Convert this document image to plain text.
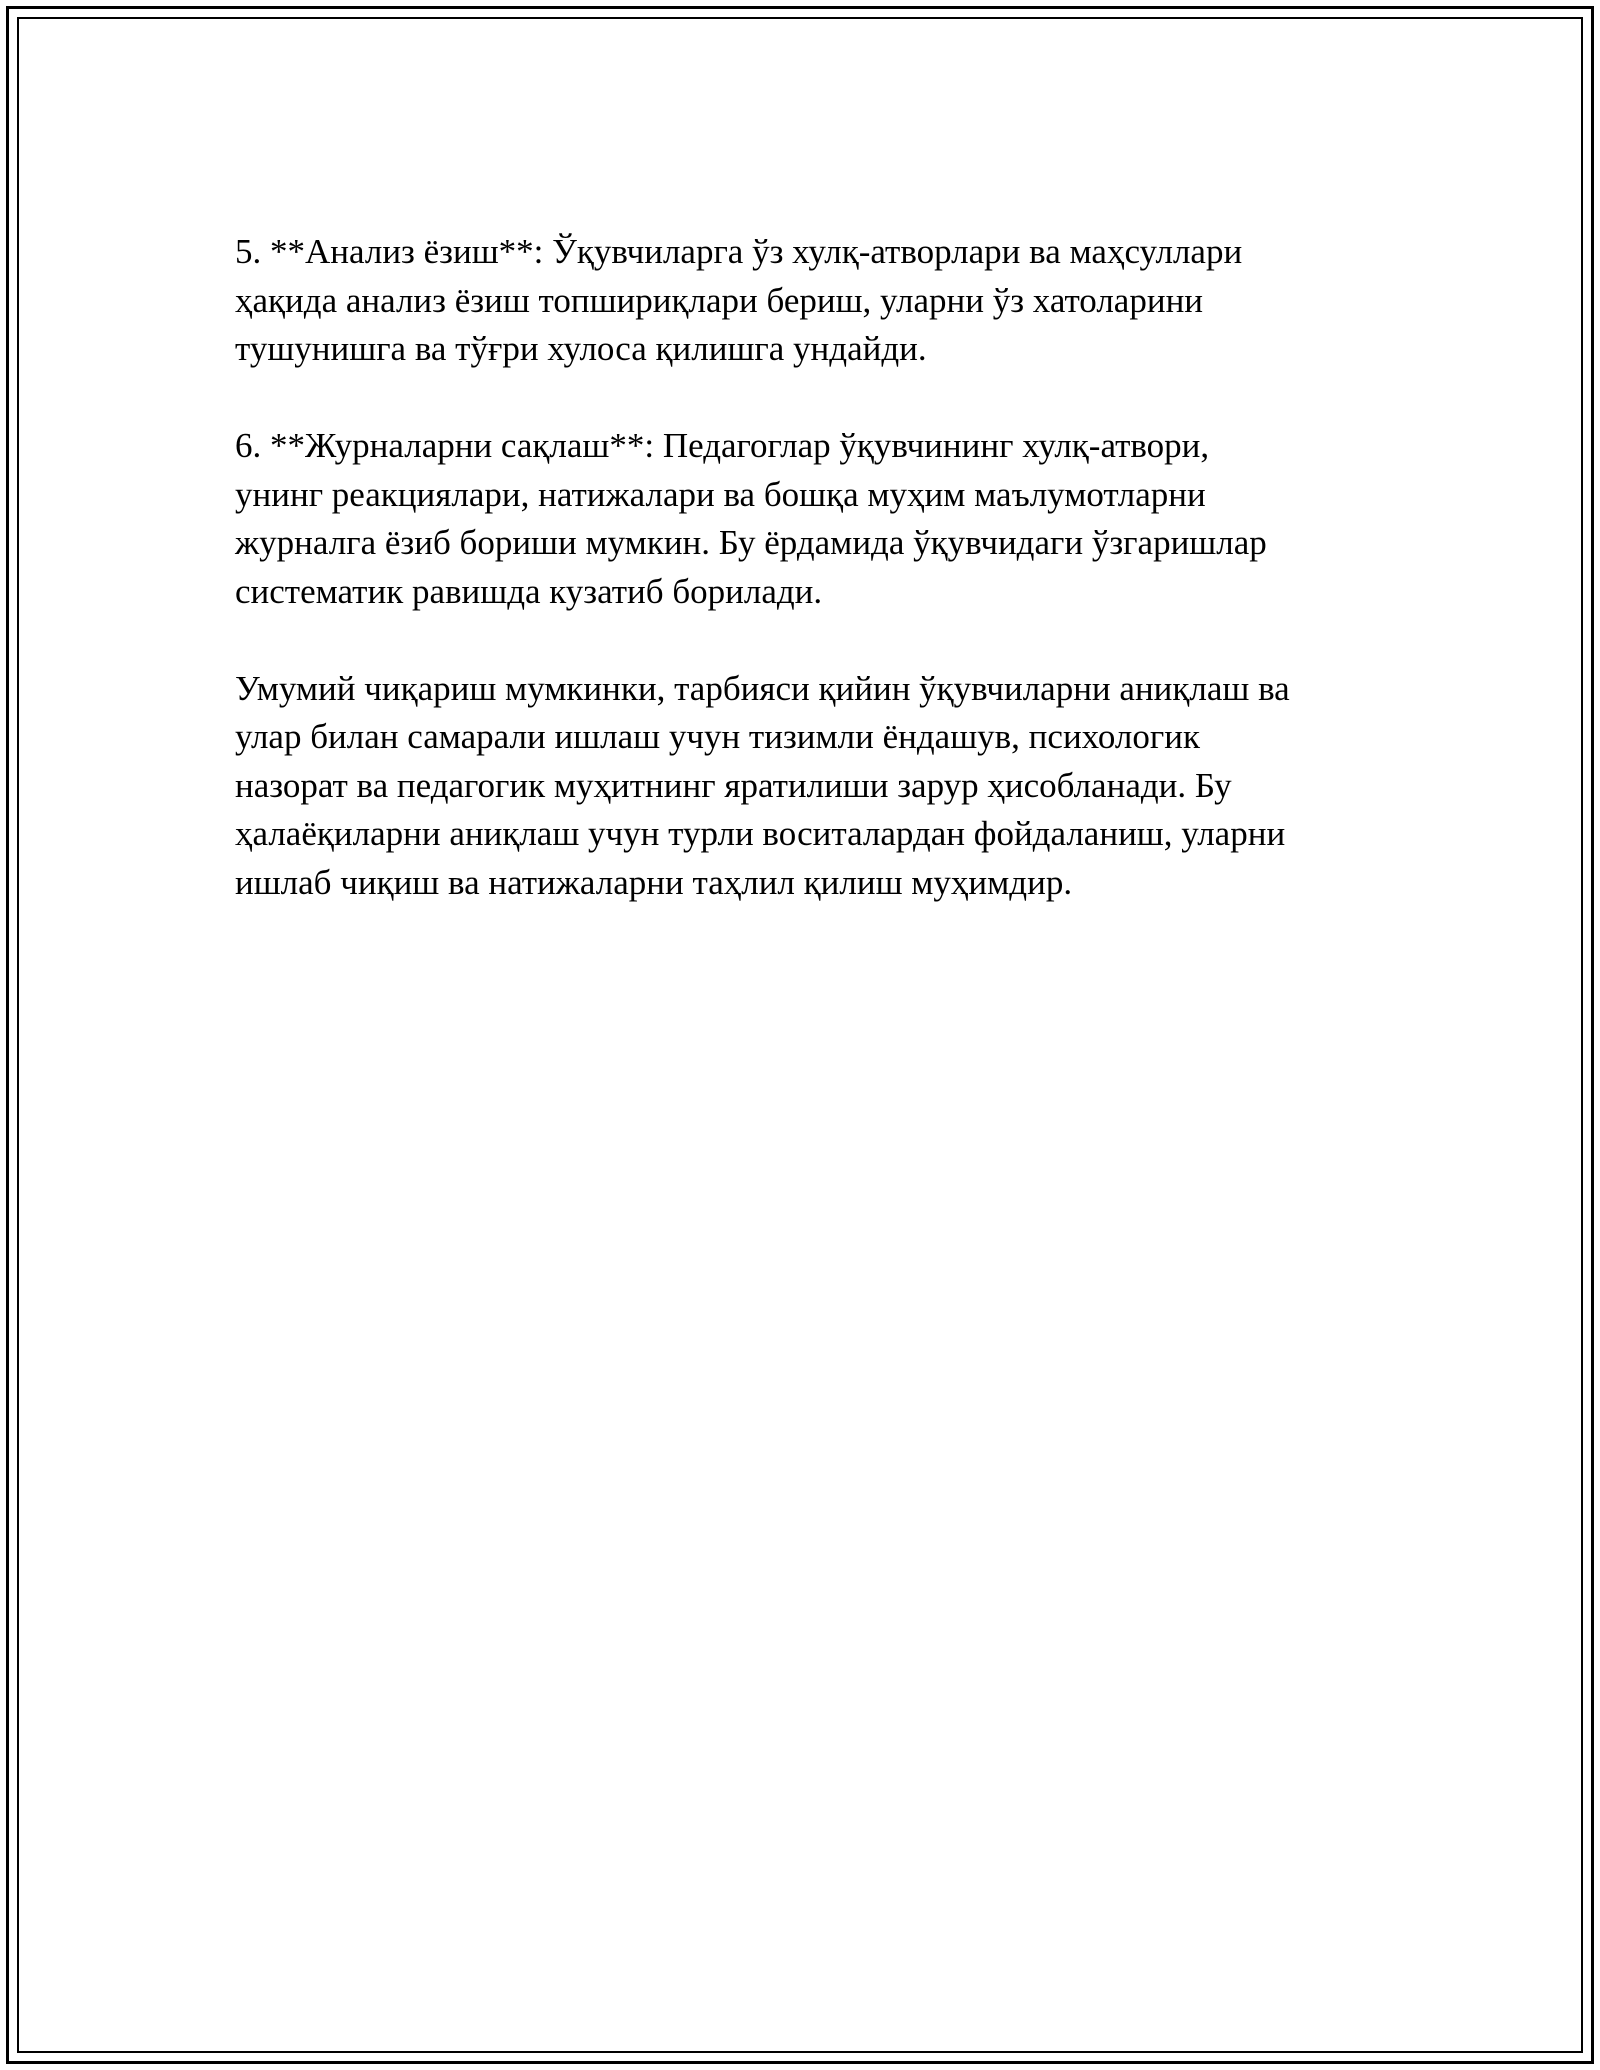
5. **Анализ ёзиш**: Ўқувчиларга ўз хулқ-атворлари ва маҳсуллари
ҳақида анализ ёзиш топшириқлари бериш, уларни ўз хатоларини
тушунишга ва тўғри хулоса қилишга ундайди.

6. **Журналарни сақлаш**: Педагоглар ўқувчининг хулқ-атвори,
унинг реакциялари, натижалари ва бошқа муҳим маълумотларни
журналга ёзиб бориши мумкин. Бу ёрдамида ўқувчидаги ўзгаришлар
систематик равишда кузатиб борилади.

Умумий чиқариш мумкинки, тарбияси қийин ўқувчиларни аниқлаш ва
улар билан самарали ишлаш учун тизимли ёндашув, психологик
назорат ва педагогик муҳитнинг яратилиши зарур ҳисобланади. Бу
ҳалаёқиларни аниқлаш учун турли воситалардан фойдаланиш, уларни
ишлаб чиқиш ва натижаларни таҳлил қилиш муҳимдир.
